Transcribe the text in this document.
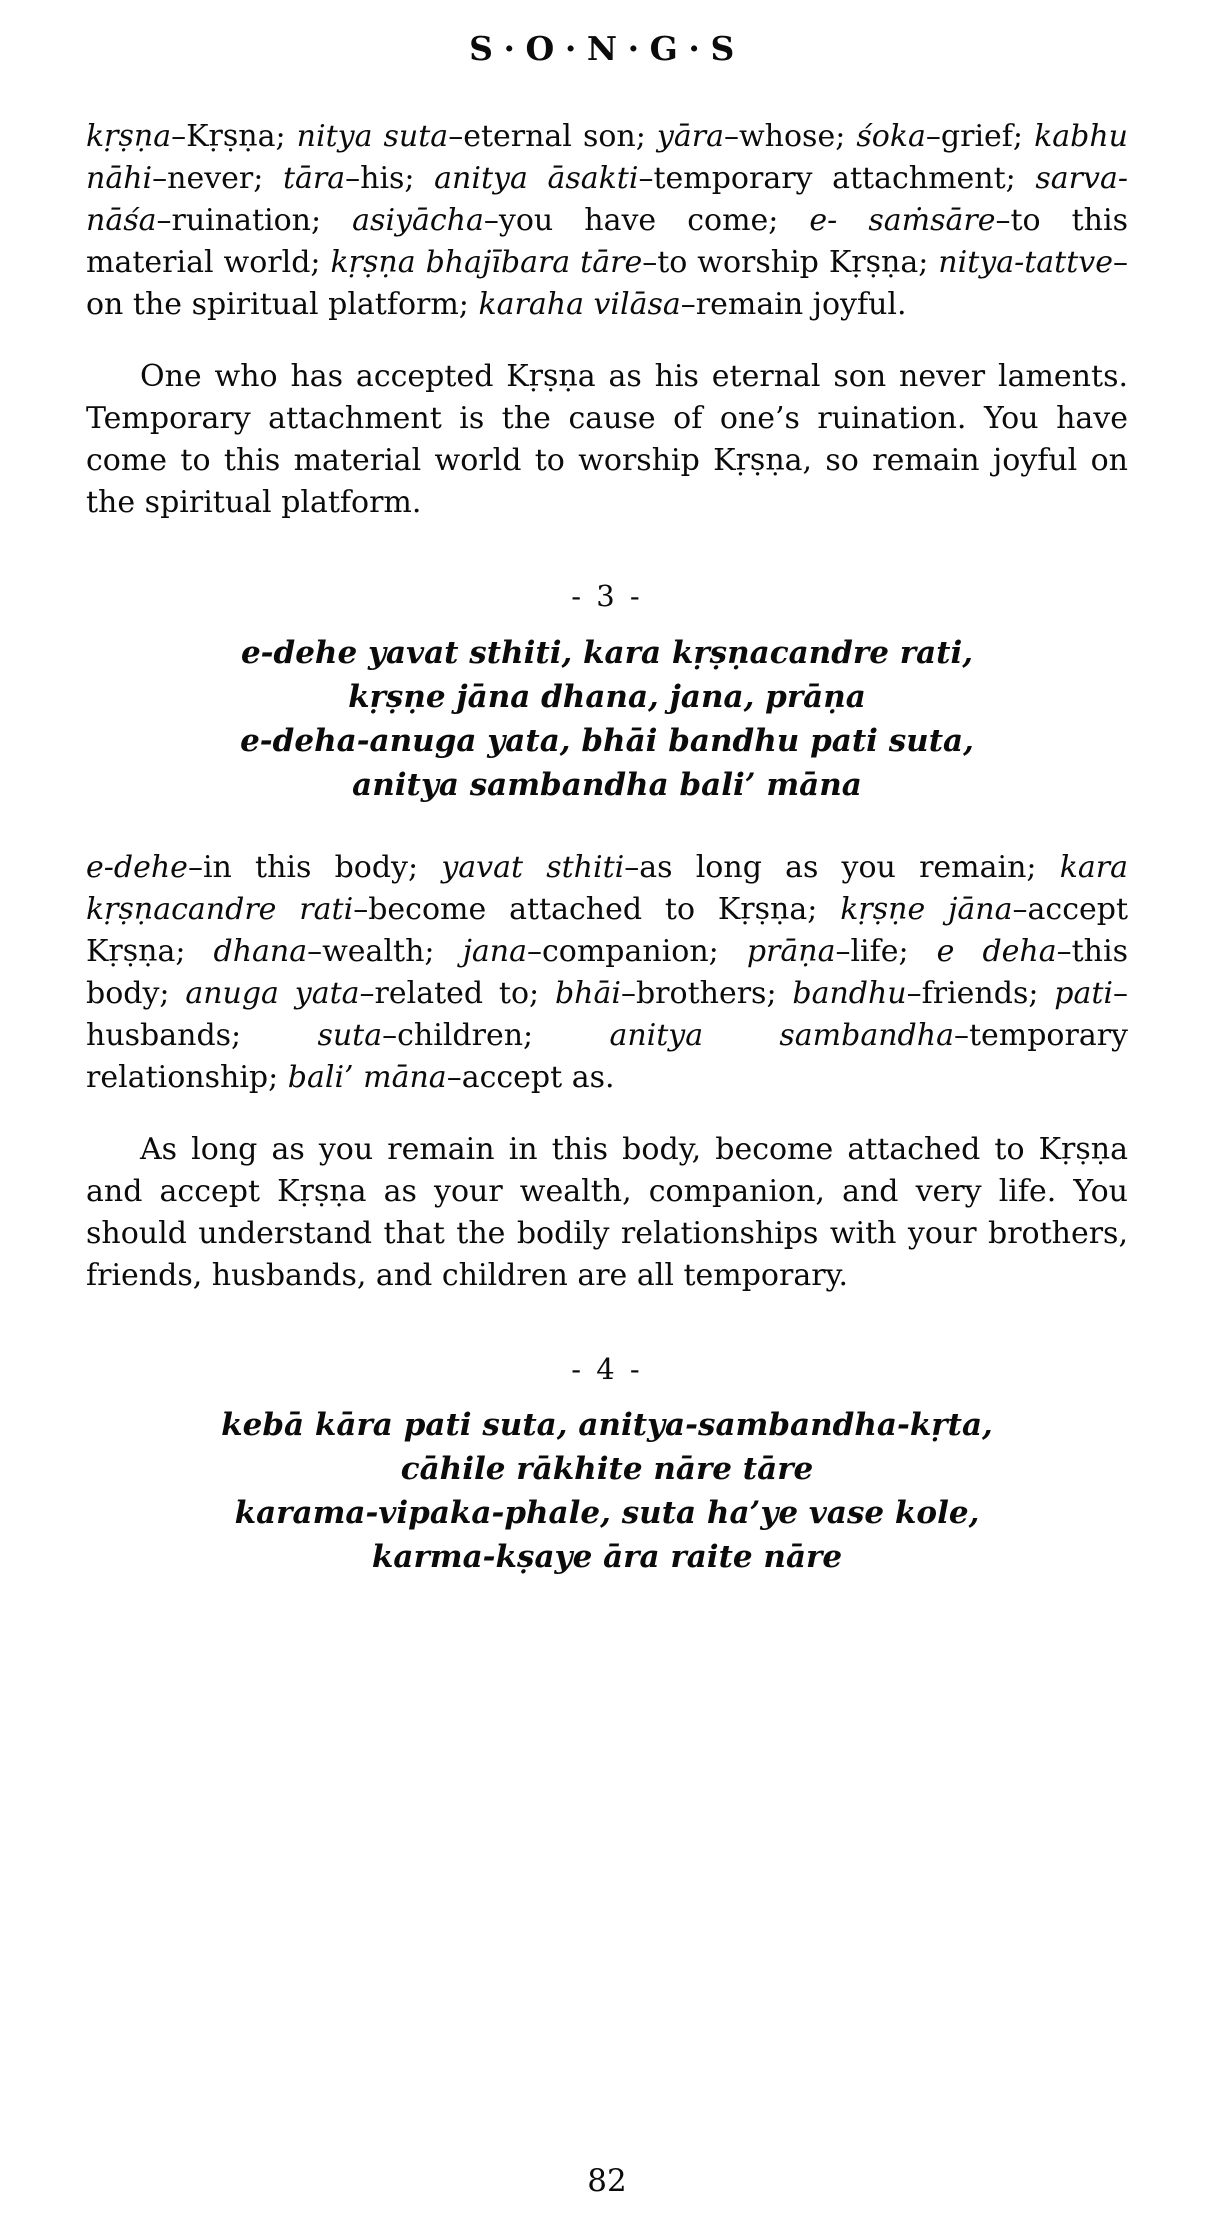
S·O·N·G·S

kṛṣṇa–Kṛṣṇa; nitya suta–eternal son; yāra–whose; śoka–grief; kabhu nāhi–never; tāra–his; anitya āsakti–temporary attachment; sarva-nāśa–ruination; asiyācha–you have come; e- saṁsāre–to this material world; kṛṣṇa bhajībara tāre–to worship Kṛṣṇa; nitya-tattve–on the spiritual platform; karaha vilāsa–remain joyful.

One who has accepted Kṛṣṇa as his eternal son never laments. Temporary attachment is the cause of one’s ruination. You have come to this material world to worship Kṛṣṇa, so remain joyful on the spiritual platform.

- 3 -
e-dehe yavat sthiti, kara kṛṣṇacandre rati,
kṛṣṇe jāna dhana, jana, prāṇa
e-deha-anuga yata, bhāi bandhu pati suta,
anitya sambandha bali’ māna

e-dehe–in this body; yavat sthiti–as long as you remain; kara kṛṣṇacandre rati–become attached to Kṛṣṇa; kṛṣṇe jāna–accept Kṛṣṇa; dhana–wealth; jana–companion; prāṇa–life; e deha–this body; anuga yata–related to; bhāi–brothers; bandhu–friends; pati–husbands; suta–children; anitya sambandha–temporary relationship; bali’ māna–accept as.

As long as you remain in this body, become attached to Kṛṣṇa and accept Kṛṣṇa as your wealth, companion, and very life. You should understand that the bodily relationships with your brothers, friends, husbands, and children are all temporary.

- 4 -
kebā kāra pati suta, anitya-sambandha-kṛta,
cāhile rākhite nāre tāre
karama-vipaka-phale, suta ha’ye vase kole,
karma-kṣaye āra raite nāre
82
